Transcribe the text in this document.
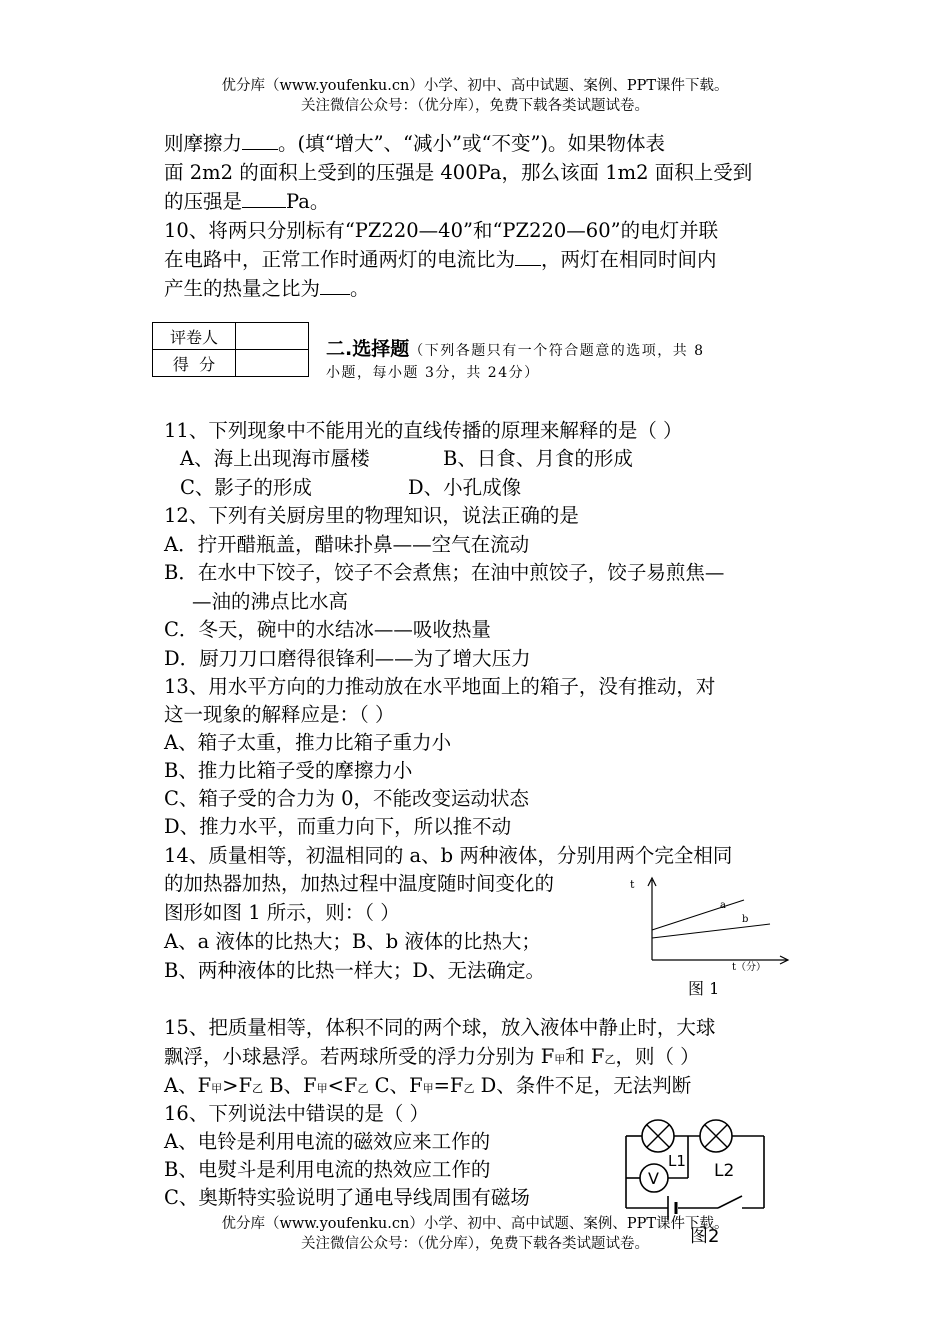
优分库（www.youfenku.cn）小学、初中、高中试题、案例、PPT课件下载。
关注微信公众号：（优分库），免费下载各类试题试卷。
则摩擦力 。(填“增大”、“减小”或“不变”)。如果物体表
面 2m2 的面积上受到的压强是 400Pa，那么该面 1m2 面积上受到
的压强是 Pa。
10、将两只分别标有“PZ220—40”和“PZ220—60”的电灯并联
在电路中，正常工作时通两灯的电流比为 ，两灯在相同时间内
产生的热量之比为 。
评卷人	
得  分	
二.选择题（下列各题只有一个符合题意的选项，共 8
小题，每小题 3分，共 24分）
11、下列现象中不能用光的直线传播的原理来解释的是（ ）
A、海上出现海市蜃楼	B、日食、月食的形成
C、影子的形成	D、小孔成像
12、下列有关厨房里的物理知识，说法正确的是
A．拧开醋瓶盖，醋味扑鼻——空气在流动
B．在水中下饺子，饺子不会煮焦；在油中煎饺子，饺子易煎焦—
—油的沸点比水高
C．冬天，碗中的水结冰——吸收热量
D．厨刀刀口磨得很锋利——为了增大压力
13、用水平方向的力推动放在水平地面上的箱子，没有推动，对
这一现象的解释应是：（ ）
A、箱子太重，推力比箱子重力小
B、推力比箱子受的摩擦力小
C、箱子受的合力为 0，不能改变运动状态
D、推力水平，而重力向下，所以推不动
14、质量相等，初温相同的 a、b 两种液体，分别用两个完全相同
的加热器加热，加热过程中温度随时间变化的
图形如图 1 所示，则：（ ）
A、a 液体的比热大；B、b 液体的比热大；
B、两种液体的比热一样大；D、无法确定。
t
t（分）
a
b
图 1
15、把质量相等，体积不同的两个球，放入液体中静止时，大球
飘浮，小球悬浮。若两球所受的浮力分别为 F甲和 F乙，则（ ）
A、F甲>F乙 B、F甲<F乙 C、F甲=F乙 D、条件不足，无法判断
16、下列说法中错误的是（ ）
A、电铃是利用电流的磁效应来工作的
B、电熨斗是利用电流的热效应工作的
C、奥斯特实验说明了通电导线周围有磁场
V
L1 L2
图2
优分库（www.youfenku.cn）小学、初中、高中试题、案例、PPT课件下载。
关注微信公众号：（优分库），免费下载各类试题试卷。
